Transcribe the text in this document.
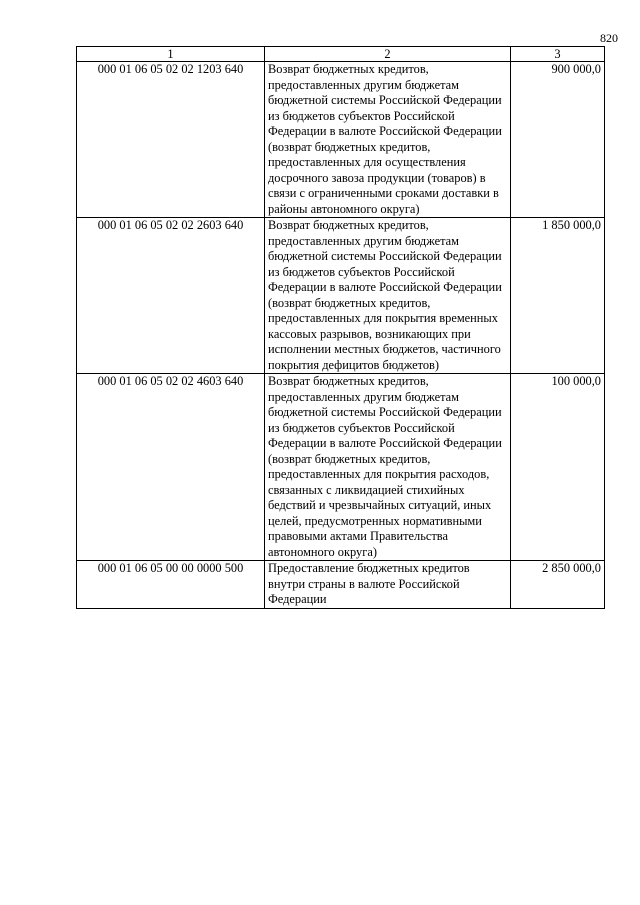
820
1	2	3
000 01 06 05 02 02 1203 640	Возврат бюджетных кредитов, предоставленных другим бюджетам бюджетной системы Российской Федерации из бюджетов субъектов Российской Федерации в валюте Российской Федерации (возврат бюджетных кредитов, предоставленных для осуществления досрочного завоза продукции (товаров) в связи с ограниченными сроками доставки в районы автономного округа)	900 000,0
000 01 06 05 02 02 2603 640	Возврат бюджетных кредитов, предоставленных другим бюджетам бюджетной системы Российской Федерации из бюджетов субъектов Российской Федерации в валюте Российской Федерации (возврат бюджетных кредитов, предоставленных для покрытия временных кассовых разрывов, возникающих при исполнении местных бюджетов, частичного покрытия дефицитов бюджетов)	1 850 000,0
000 01 06 05 02 02 4603 640	Возврат бюджетных кредитов, предоставленных другим бюджетам бюджетной системы Российской Федерации из бюджетов субъектов Российской Федерации в валюте Российской Федерации (возврат бюджетных кредитов, предоставленных для покрытия расходов, связанных с ликвидацией стихийных бедствий и чрезвычайных ситуаций, иных целей, предусмотренных нормативными правовыми актами Правительства автономного округа)	100 000,0
000 01 06 05 00 00 0000 500	Предоставление бюджетных кредитов внутри страны в валюте Российской Федерации	2 850 000,0
